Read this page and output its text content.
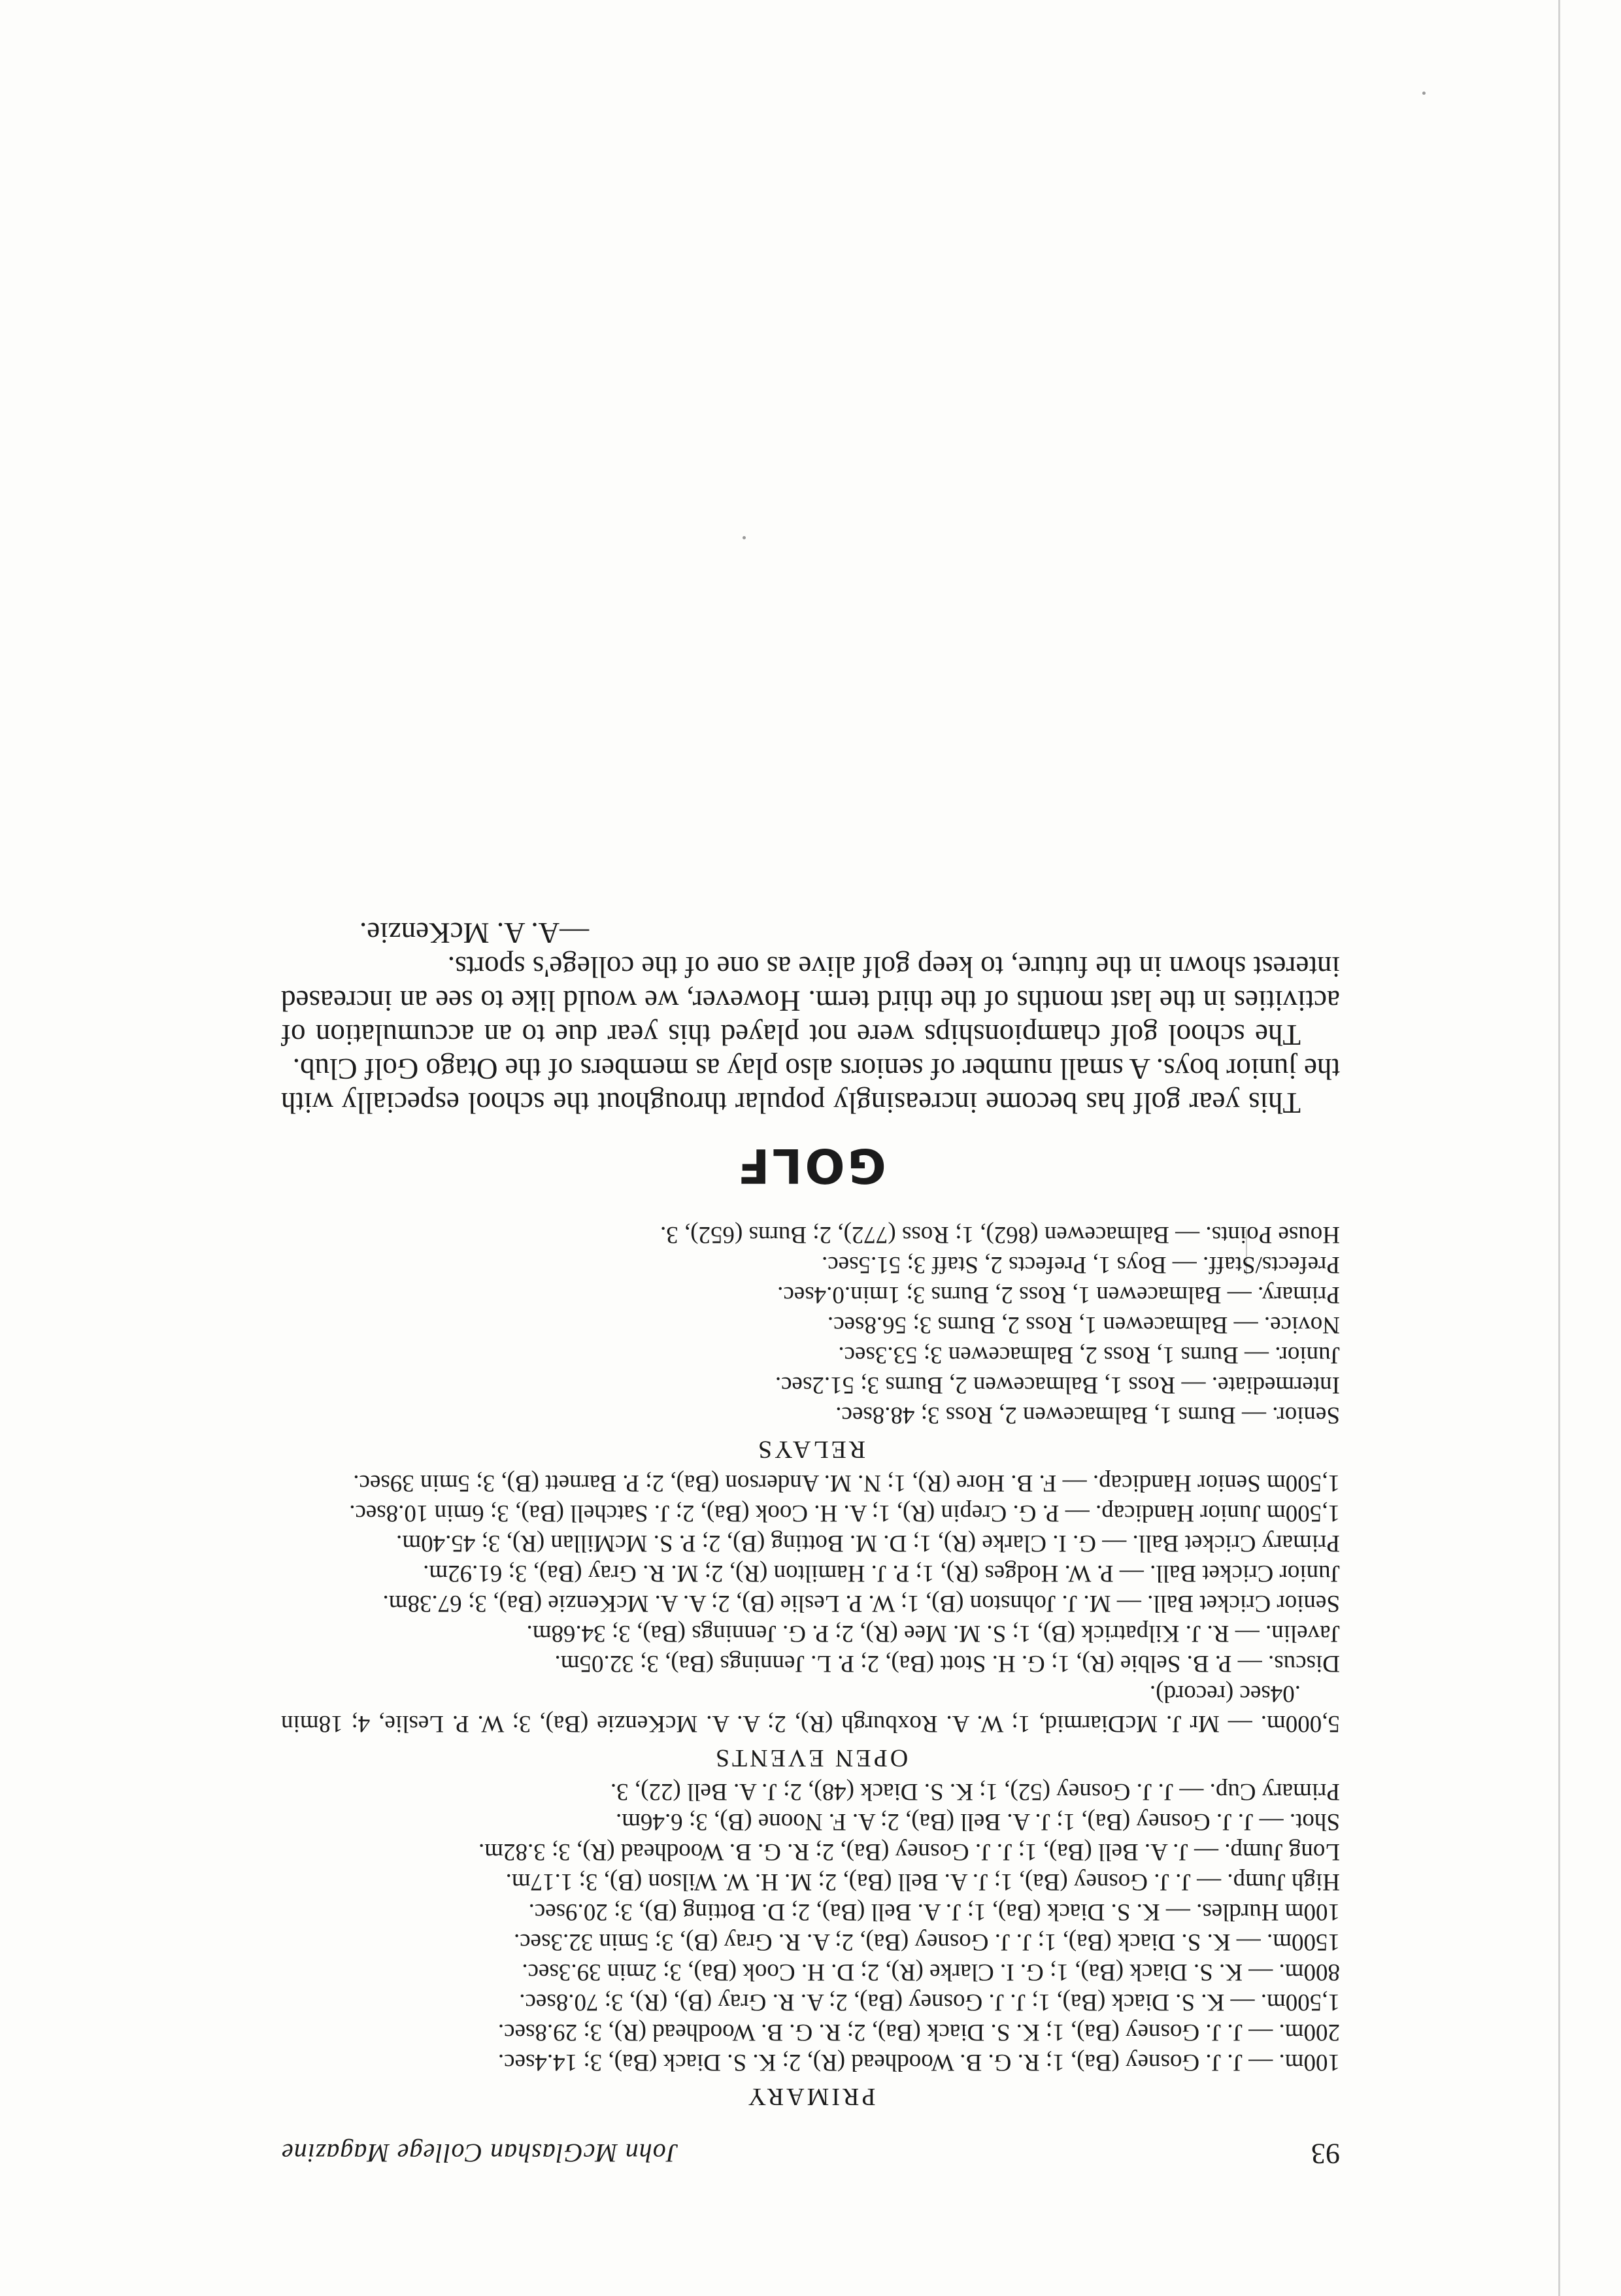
93
John McGlashan College Magazine
PRIMARY

100m. — J. J. Gosney (Ba), 1; R. G. B. Woodhead (R), 2; K. S. Diack (Ba), 3; 14.4sec.

200m. — J. J. Gosney (Ba), 1; K. S. Diack (Ba), 2; R. G. B. Woodhead (R), 3; 29.8sec.

1,500m. — K. S. Diack (Ba), 1; J. J. Gosney (Ba), 2; A. R. Gray (B), (R), 3; 70.8sec.

800m. — K. S. Diack (Ba), 1; G. I. Clarke (R), 2; D. H. Cook (Ba), 3; 2min 39.3sec.

1500m. — K. S. Diack (Ba), 1; J. J. Gosney (Ba), 2; A. R. Gray (B), 3; 5min 32.3sec.

100m Hurdles. — K. S. Diack (Ba), 1; J. A. Bell (Ba), 2; D. Botting (B), 3; 20.9sec.

High Jump. — J. J. Gosney (Ba), 1; J. A. Bell (Ba), 2; M. H. W. Wilson (B), 3; 1.17m.

Long Jump. — J. A. Bell (Ba), 1; J. J. Gosney (Ba), 2; R. G. B. Woodhead (R), 3; 3.82m.

Shot. — J. J. Gosney (Ba), 1; J. A. Bell (Ba), 2; A. F. Noone (B), 3; 6.46m.

Primary Cup. — J. J. Gosney (52), 1; K. S. Diack (48), 2; J. A. Bell (22), 3.

OPEN EVENTS

5,000m. — Mr J. McDiarmid, 1; W. A. Roxburgh (R), 2; A. A. McKenzie (Ba), 3; W. P. Leslie, 4; 18min .04sec (record).

Discus. — P. B. Selbie (R), 1; G. H. Stott (Ba), 2; P. L. Jennings (Ba), 3; 32.05m.

Javelin. — R. J. Kilpatrick (B), 1; S. M. Mee (R), 2; P. G. Jennings (Ba), 3; 34.68m.

Senior Cricket Ball. — M. J. Johnston (B), 1; W. P. Leslie (B), 2; A. A. McKenzie (Ba), 3; 67.38m.

Junior Cricket Ball. — P. W. Hodges (R), 1; P. J. Hamilton (R), 2; M. R. Gray (Ba), 3; 61.92m.

Primary Cricket Ball. — G. I. Clarke (R), 1; D. M. Botting (B), 2; P. S. McMillan (R), 3; 45.40m.

1,500m Junior Handicap. — P. G. Crepin (R), 1; A. H. Cook (Ba), 2; J. Satchell (Ba), 3; 6min 10.8sec.

1,500m Senior Handicap. — F. B. Hore (R), 1; N. M. Anderson (Ba), 2; P. Barnett (B), 3; 5min 39sec.

RELAYS

Senior. — Burns 1, Balmacewen 2, Ross 3; 48.8sec.

Intermediate. — Ross 1, Balmacewen 2, Burns 3; 51.2sec.

Junior. — Burns 1, Ross 2, Balmacewen 3; 53.3sec.

Novice. — Balmacewen 1, Ross 2, Burns 3; 56.8sec.

Primary. — Balmacewen 1, Ross 2, Burns 3; 1min.0.4sec.

Prefects/Staff. — Boys 1, Prefects 2, Staff 3; 51.5sec.

House Points. — Balmacewen (862), 1; Ross (772), 2; Burns (652), 3.

GOLF

This year golf has become increasingly popular throughout the school especially with the junior boys. A small number of seniors also play as members of the Otago Golf Club.

The school golf championships were not played this year due to an accumulation of activities in the last months of the third term. However, we would like to see an increased interest shown in the future, to keep golf alive as one of the college's sports.

—A. A. McKenzie.
